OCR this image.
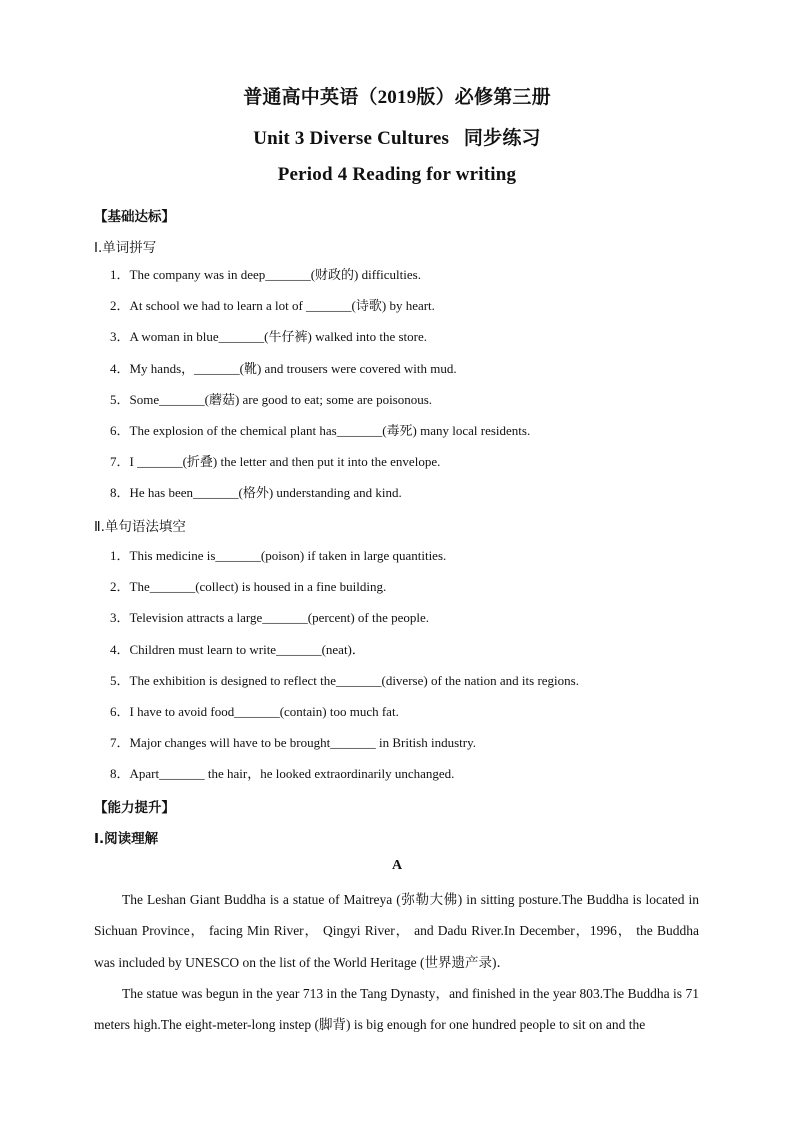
普通高中英语（2019版）必修第三册
Unit 3 Diverse Cultures   同步练习
Period 4 Reading for writing
【基础达标】
Ⅰ.单词拼写
1．The company was in deep_______(财政的) difficulties.
2．At school we had to learn a lot of _______(诗歌) by heart.
3．A woman in blue_______(牛仔裤) walked into the store.
4．My hands，_______(靴) and trousers were covered with mud.
5．Some_______(蘑菇) are good to eat; some are poisonous.
6．The explosion of the chemical plant has_______(毒死) many local residents.
7．I _______(折叠) the letter and then put it into the envelope.
8．He has been_______(格外) understanding and kind.
Ⅱ.单句语法填空
1．This medicine is_______(poison) if taken in large quantities.
2．The_______(collect) is housed in a fine building.
3．Television attracts a large_______(percent) of the people.
4．Children must learn to write_______(neat)．
5．The exhibition is designed to reflect the_______(diverse) of the nation and its regions.
6．I have to avoid food_______(contain) too much fat.
7．Major changes will have to be brought_______ in British industry.
8．Apart_______ the hair，he looked extraordinarily unchanged.
【能力提升】
Ⅰ.阅读理解
A

The Leshan Giant Buddha is a statue of Maitreya (弥勒大佛) in sitting posture.The Buddha is located in Sichuan Province， facing Min River， Qingyi River， and Dadu River.In December，1996， the Buddha was included by UNESCO on the list of the World Heritage (世界遗产录)．

The statue was begun in the year 713 in the Tang Dynasty，and finished in the year 803.The Buddha is 71 meters high.The eight-meter-long instep (脚背) is big enough for one hundred people to sit on and the
